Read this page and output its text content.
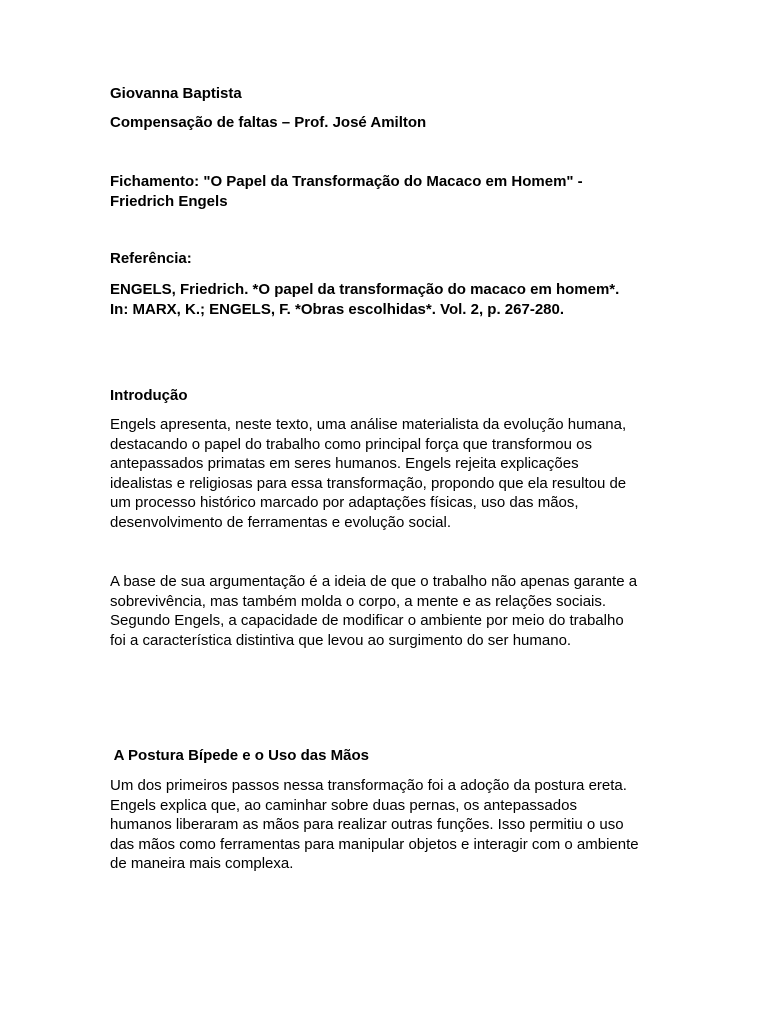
Giovanna Baptista

Compensação de faltas – Prof. José Amilton

Fichamento: "O Papel da Transformação do Macaco em Homem" -

Friedrich Engels

Referência:

ENGELS, Friedrich. *O papel da transformação do macaco em homem*.

In: MARX, K.; ENGELS, F. *Obras escolhidas*. Vol. 2, p. 267-280.

Introdução

Engels apresenta, neste texto, uma análise materialista da evolução humana,
destacando o papel do trabalho como principal força que transformou os
antepassados primatas em seres humanos. Engels rejeita explicações
idealistas e religiosas para essa transformação, propondo que ela resultou de
um processo histórico marcado por adaptações físicas, uso das mãos,
desenvolvimento de ferramentas e evolução social.
A base de sua argumentação é a ideia de que o trabalho não apenas garante a
sobrevivência, mas também molda o corpo, a mente e as relações sociais.
Segundo Engels, a capacidade de modificar o ambiente por meio do trabalho
foi a característica distintiva que levou ao surgimento do ser humano.

A Postura Bípede e o Uso das Mãos

Um dos primeiros passos nessa transformação foi a adoção da postura ereta.
Engels explica que, ao caminhar sobre duas pernas, os antepassados
humanos liberaram as mãos para realizar outras funções. Isso permitiu o uso
das mãos como ferramentas para manipular objetos e interagir com o ambiente
de maneira mais complexa.
